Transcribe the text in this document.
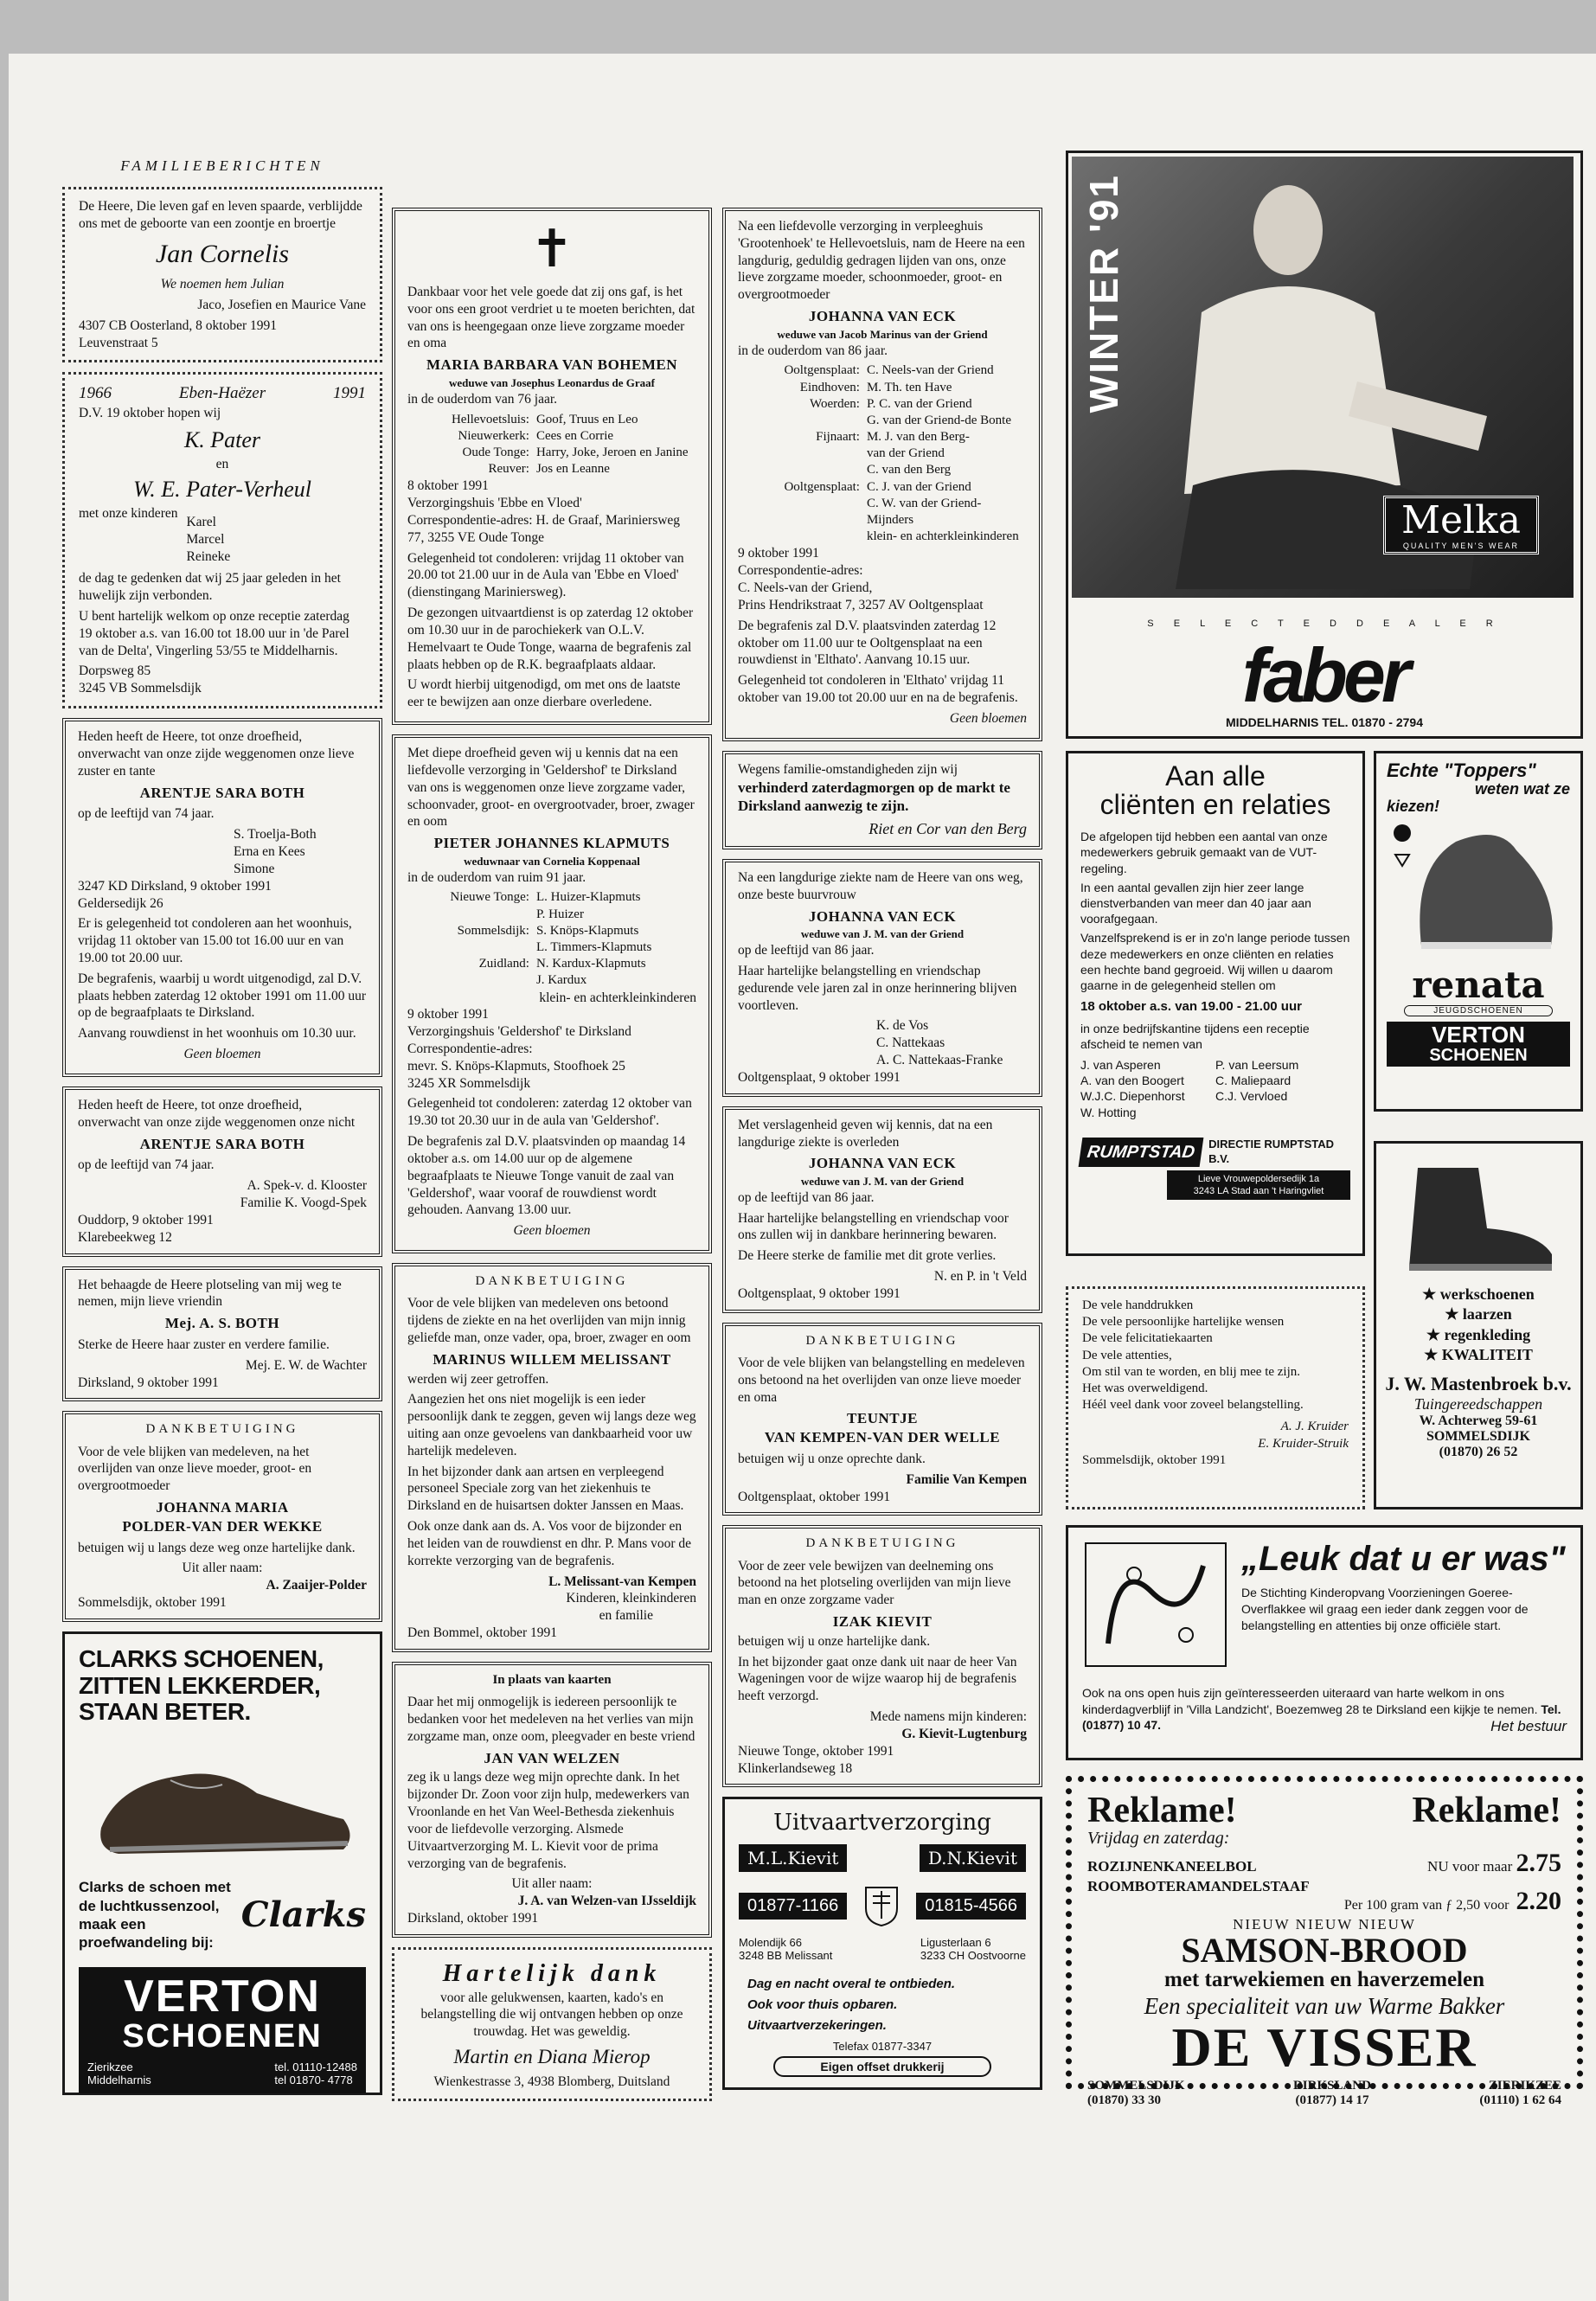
FAMILIEBERICHTEN

De Heere, Die leven gaf en leven spaarde, verblijdde ons met de geboorte van een zoontje en broertje

Jan Cornelis

We noemen hem Julian

Jaco, Josefien en Maurice Vane

4307 CB Oosterland, 8 oktober 1991
Leuvenstraat 5
1966	Eben-Haëzer	1991

D.V. 19 oktober hopen wij

K. Pater
en
W. E. Pater-Verheul
met onze kinderen
Karel
Marcel
Reineke

de dag te gedenken dat wij 25 jaar geleden in het huwelijk zijn verbonden.

U bent hartelijk welkom op onze receptie zaterdag 19 oktober a.s. van 16.00 tot 18.00 uur in 'de Parel van de Delta', Vingerling 53/55 te Middelharnis.

Dorpsweg 85
3245 VB Sommelsdijk

Heden heeft de Heere, tot onze droefheid, onverwacht van onze zijde weggenomen onze lieve zuster en tante

ARENTJE SARA BOTH

op de leeftijd van 74 jaar.

S. Troelja-Both
Erna en Kees
Simone
3247 KD Dirksland, 9 oktober 1991

Geldersedijk 26

Er is gelegenheid tot condoleren aan het woonhuis, vrijdag 11 oktober van 15.00 tot 16.00 uur en van 19.00 tot 20.00 uur.

De begrafenis, waarbij u wordt uitgenodigd, zal D.V. plaats hebben zaterdag 12 oktober 1991 om 11.00 uur op de begraafplaats te Dirksland.

Aanvang rouwdienst in het woonhuis om 10.30 uur.

Geen bloemen

Heden heeft de Heere, tot onze droefheid, onverwacht van onze zijde weggenomen onze nicht

ARENTJE SARA BOTH

op de leeftijd van 74 jaar.

A. Spek-v. d. Klooster
Familie K. Voogd-Spek
Ouddorp, 9 oktober 1991
Klarebeekweg 12

Het behaagde de Heere plotseling van mij weg te nemen, mijn lieve vriendin

Mej. A. S. BOTH

Sterke de Heere haar zuster en verdere familie.

Mej. E. W. de Wachter
Dirksland, 9 oktober 1991
DANKBETUIGING

Voor de vele blijken van medeleven, na het overlijden van onze lieve moeder, groot- en overgrootmoeder

JOHANNA MARIA
POLDER-VAN DER WEKKE

betuigen wij u langs deze weg onze hartelijke dank.

Uit aller naam:
A. Zaaijer-Polder
Sommelsdijk, oktober 1991
CLARKS SCHOENEN, ZITTEN LEKKERDER, STAAN BETER.
Clarks de schoen met de luchtkussenzool, maak een proefwandeling bij:
Clarks
VERTON
SCHOENEN
Zierikzee
Middelharnis
tel. 01110-12488
tel 01870- 4778
✝

Dankbaar voor het vele goede dat zij ons gaf, is het voor ons een groot verdriet u te moeten berichten, dat van ons is heengegaan onze lieve zorgzame moeder en oma

MARIA BARBARA VAN BOHEMEN
weduwe van Josephus Leonardus de Graaf

in de ouderdom van 76 jaar.

Hellevoetsluis: Goof, Truus en Leo
Nieuwerkerk: Cees en Corrie
Oude Tonge: Harry, Joke, Jeroen en Janine
Reuver: Jos en Leanne
8 oktober 1991
Verzorgingshuis 'Ebbe en Vloed'

Correspondentie-adres: H. de Graaf, Mariniersweg 77, 3255 VE Oude Tonge

Gelegenheid tot condoleren: vrijdag 11 oktober van 20.00 tot 21.00 uur in de Aula van 'Ebbe en Vloed' (dienstingang Mariniersweg).

De gezongen uitvaartdienst is op zaterdag 12 oktober om 10.30 uur in de parochiekerk van O.L.V. Hemelvaart te Oude Tonge, waarna de begrafenis zal plaats hebben op de R.K. begraafplaats aldaar.

U wordt hierbij uitgenodigd, om met ons de laatste eer te bewijzen aan onze dierbare overledene.

Met diepe droefheid geven wij u kennis dat na een liefdevolle verzorging in 'Geldershof' te Dirksland van ons is weggenomen onze lieve zorgzame vader, schoonvader, groot- en overgrootvader, broer, zwager en oom

PIETER JOHANNES KLAPMUTS
weduwnaar van Cornelia Koppenaal

in de ouderdom van ruim 91 jaar.

Nieuwe Tonge: L. Huizer-Klapmuts
P. Huizer
Sommelsdijk: S. Knöps-Klapmuts
L. Timmers-Klapmuts
Zuidland: N. Kardux-Klapmuts
J. Kardux
klein- en achterkleinkinderen
9 oktober 1991
Verzorgingshuis 'Geldershof' te Dirksland
Correspondentie-adres:
mevr. S. Knöps-Klapmuts, Stoofhoek 25

3245 XR Sommelsdijk

Gelegenheid tot condoleren: zaterdag 12 oktober van 19.30 tot 20.30 uur in de aula van 'Geldershof'.

De begrafenis zal D.V. plaatsvinden op maandag 14 oktober a.s. om 14.00 uur op de algemene begraafplaats te Nieuwe Tonge vanuit de zaal van 'Geldershof', waar vooraf de rouwdienst wordt gehouden. Aanvang 13.00 uur.

Geen bloemen

DANKBETUIGING

Voor de vele blijken van medeleven ons betoond tijdens de ziekte en na het overlijden van mijn innig geliefde man, onze vader, opa, broer, zwager en oom

MARINUS WILLEM MELISSANT

werden wij zeer getroffen.

Aangezien het ons niet mogelijk is een ieder persoonlijk dank te zeggen, geven wij langs deze weg uiting aan onze gevoelens van dankbaarheid voor uw hartelijk medeleven.

In het bijzonder dank aan artsen en verpleegend personeel Speciale zorg van het ziekenhuis te Dirksland en de huisartsen dokter Janssen en Maas.

Ook onze dank aan ds. A. Vos voor de bijzonder en het leiden van de rouwdienst en dhr. P. Mans voor de korrekte verzorging van de begrafenis.

L. Melissant-van Kempen
Kinderen, kleinkinderen
en familie
Den Bommel, oktober 1991
In plaats van kaarten

Daar het mij onmogelijk is iedereen persoonlijk te bedanken voor het medeleven na het verlies van mijn zorgzame man, onze oom, pleegvader en beste vriend

JAN VAN WELZEN

zeg ik u langs deze weg mijn oprechte dank. In het bijzonder Dr. Zoon voor zijn hulp, medewerkers van Vroonlande en het Van Weel-Bethesda ziekenhuis voor de liefdevolle verzorging. Alsmede Uitvaartverzorging M. L. Kievit voor de prima verzorging van de begrafenis.

Uit aller naam:
J. A. van Welzen-van IJsseldijk
Dirksland, oktober 1991
Hartelijk dank

voor alle gelukwensen, kaarten, kado's en belangstelling die wij ontvangen hebben op onze trouwdag. Het was geweldig.

Martin en Diana Mierop
Wienkestrasse 3, 4938 Blomberg, Duitsland

Na een liefdevolle verzorging in verpleeghuis 'Grootenhoek' te Hellevoetsluis, nam de Heere na een langdurig, geduldig gedragen lijden van ons, onze lieve zorgzame moeder, schoonmoeder, groot- en overgrootmoeder

JOHANNA VAN ECK
weduwe van Jacob Marinus van der Griend

in de ouderdom van 86 jaar.

Ooltgensplaat: C. Neels-van der Griend
Eindhoven: M. Th. ten Have
Woerden: P. C. van der Griend
G. van der Griend-de Bonte
Fijnaart: M. J. van den Berg-
van der Griend
C. van den Berg
Ooltgensplaat: C. J. van der Griend
C. W. van der Griend-Mijnders
klein- en achterkleinkinderen
9 oktober 1991
Correspondentie-adres:
C. Neels-van der Griend,

Prins Hendrikstraat 7, 3257 AV Ooltgensplaat

De begrafenis zal D.V. plaatsvinden zaterdag 12 oktober om 11.00 uur te Ooltgensplaat na een rouwdienst in 'Elthato'. Aanvang 10.15 uur.

Gelegenheid tot condoleren in 'Elthato' vrijdag 11 oktober van 19.00 tot 20.00 uur en na de begrafenis.

Geen bloemen

Wegens familie-omstandigheden zijn wij
verhinderd zaterdagmorgen op de markt te Dirksland aanwezig te zijn.
Riet en Cor van den Berg

Na een langdurige ziekte nam de Heere van ons weg, onze beste buurvrouw

JOHANNA VAN ECK
weduwe van J. M. van der Griend

op de leeftijd van 86 jaar.

Haar hartelijke belangstelling en vriendschap gedurende vele jaren zal in onze herinnering blijven voortleven.

K. de Vos
C. Nattekaas
A. C. Nattekaas-Franke
Ooltgensplaat, 9 oktober 1991

Met verslagenheid geven wij kennis, dat na een langdurige ziekte is overleden

JOHANNA VAN ECK
weduwe van J. M. van der Griend

op de leeftijd van 86 jaar.

Haar hartelijke belangstelling en vriendschap voor ons zullen wij in dankbare herinnering bewaren.

De Heere sterke de familie met dit grote verlies.

N. en P. in 't Veld
Ooltgensplaat, 9 oktober 1991
DANKBETUIGING

Voor de vele blijken van belangstelling en medeleven ons betoond na het overlijden van onze lieve moeder en oma

TEUNTJE
VAN KEMPEN-VAN DER WELLE

betuigen wij u onze oprechte dank.

Familie Van Kempen
Ooltgensplaat, oktober 1991
DANKBETUIGING

Voor de zeer vele bewijzen van deelneming ons betoond na het plotseling overlijden van mijn lieve man en onze zorgzame vader

IZAK KIEVIT

betuigen wij u onze hartelijke dank.

In het bijzonder gaat onze dank uit naar de heer Van Wageningen voor de wijze waarop hij de begrafenis heeft verzorgd.

Mede namens mijn kinderen:
G. Kievit-Lugtenburg
Nieuwe Tonge, oktober 1991
Klinkerlandseweg 18
Uitvaartverzorging
M.L.Kievit	D.N.Kievit
01877-1166	01815-4566
Molendijk 66
3248 BB Melissant
Ligusterlaan 6
3233 CH Oostvoorne
Dag en nacht overal te ontbieden.
Ook voor thuis opbaren.
Uitvaartverzekeringen.
Telefax 01877-3347
Eigen offset drukkerij
WINTER '91
Melka
QUALITY MEN'S WEAR
S E L E C T E D D E A L E R
faber
MIDDELHARNIS TEL. 01870 - 2794
Aan alle
cliënten en relaties

De afgelopen tijd hebben een aantal van onze medewerkers gebruik gemaakt van de VUT-regeling.

In een aantal gevallen zijn hier zeer lange dienstverbanden van meer dan 40 jaar aan voorafgegaan.

Vanzelfsprekend is er in zo'n lange periode tussen deze medewerkers en onze cliënten en relaties een hechte band gegroeid. Wij willen u daarom gaarne in de gelegenheid stellen om

18 oktober a.s. van 19.00 - 21.00 uur

in onze bedrijfskantine tijdens een receptie afscheid te nemen van

J. van Asperen	P. van Leersum
A. van den Boogert	C. Maliepaard
W.J.C. Diepenhorst	C.J. Vervloed
W. Hotting
RUMPTSTAD	DIRECTIE RUMPTSTAD B.V.
Lieve Vrouwepoldersedijk 1a
3243 LA Stad aan 't Haringvliet
Echte "Toppers"
weten wat ze
kiezen!
renata
JEUGDSCHOENEN
VERTON
SCHOENEN
De vele handdrukken
De vele persoonlijke hartelijke wensen
De vele felicitatiekaarten
De vele attenties,
Om stil van te worden, en blij mee te zijn.
Het was overweldigend.
Héél veel dank voor zoveel belangstelling.
A. J. Kruider
E. Kruider-Struik
Sommelsdijk, oktober 1991
★ werkschoenen
★ laarzen
★ regenkleding
★ KWALITEIT
J. W. Mastenbroek b.v.
Tuingereedschappen
W. Achterweg 59-61
SOMMELSDIJK
(01870) 26 52
„Leuk dat u er was"
De Stichting Kinderopvang Voorzieningen Goeree-Overflakkee wil graag een ieder dank zeggen voor de belangstelling en attenties bij onze officiële start.
Ook na ons open huis zijn geïnteresseerden uiteraard van harte welkom in ons kinderdagverblijf in 'Villa Landzicht', Boezemweg 28 te Dirksland een kijkje te nemen. Tel. (01877) 10 47.	Het bestuur
Reklame!	Reklame!
Vrijdag en zaterdag:
ROZIJNENKANEELBOL	NU voor maar 2.75
ROOMBOTERAMANDELSTAAF
Per 100 gram van ƒ 2,50 voor 2.20
NIEUW NIEUW NIEUW
SAMSON-BROOD
met tarwekiemen en haverzemelen
Een specialiteit van uw Warme Bakker
DE VISSER
SOMMELSDIJK
(01870) 33 30
DIRKSLAND
(01877) 14 17
ZIERIKZEE
(01110) 1 62 64
